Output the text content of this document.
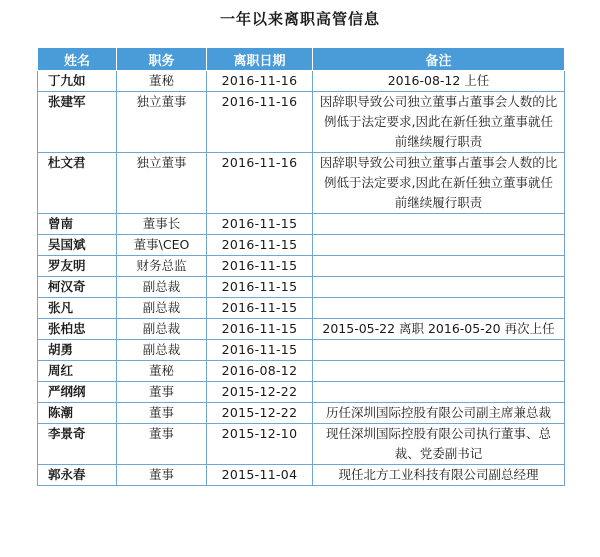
一年以来离职高管信息
姓名	职务	离职日期	备注
丁九如	董秘	2016-11-16	2016-08-12 上任
张建军	独立董事	2016-11-16	因辞职导致公司独立董事占董事会人数的比例低于法定要求,因此在新任独立董事就任前继续履行职责
杜文君	独立董事	2016-11-16	因辞职导致公司独立董事占董事会人数的比例低于法定要求,因此在新任独立董事就任前继续履行职责
曾南	董事长	2016-11-15	
吴国斌	董事\CEO	2016-11-15	
罗友明	财务总监	2016-11-15	
柯汉奇	副总裁	2016-11-15	
张凡	副总裁	2016-11-15	
张柏忠	副总裁	2016-11-15	2015-05-22 离职 2016-05-20 再次上任
胡勇	副总裁	2016-11-15	
周红	董秘	2016-08-12	
严纲纲	董事	2015-12-22	
陈潮	董事	2015-12-22	历任深圳国际控股有限公司副主席兼总裁
李景奇	董事	2015-12-10	现任深圳国际控股有限公司执行董事、总裁、党委副书记
郭永春	董事	2015-11-04	现任北方工业科技有限公司副总经理
